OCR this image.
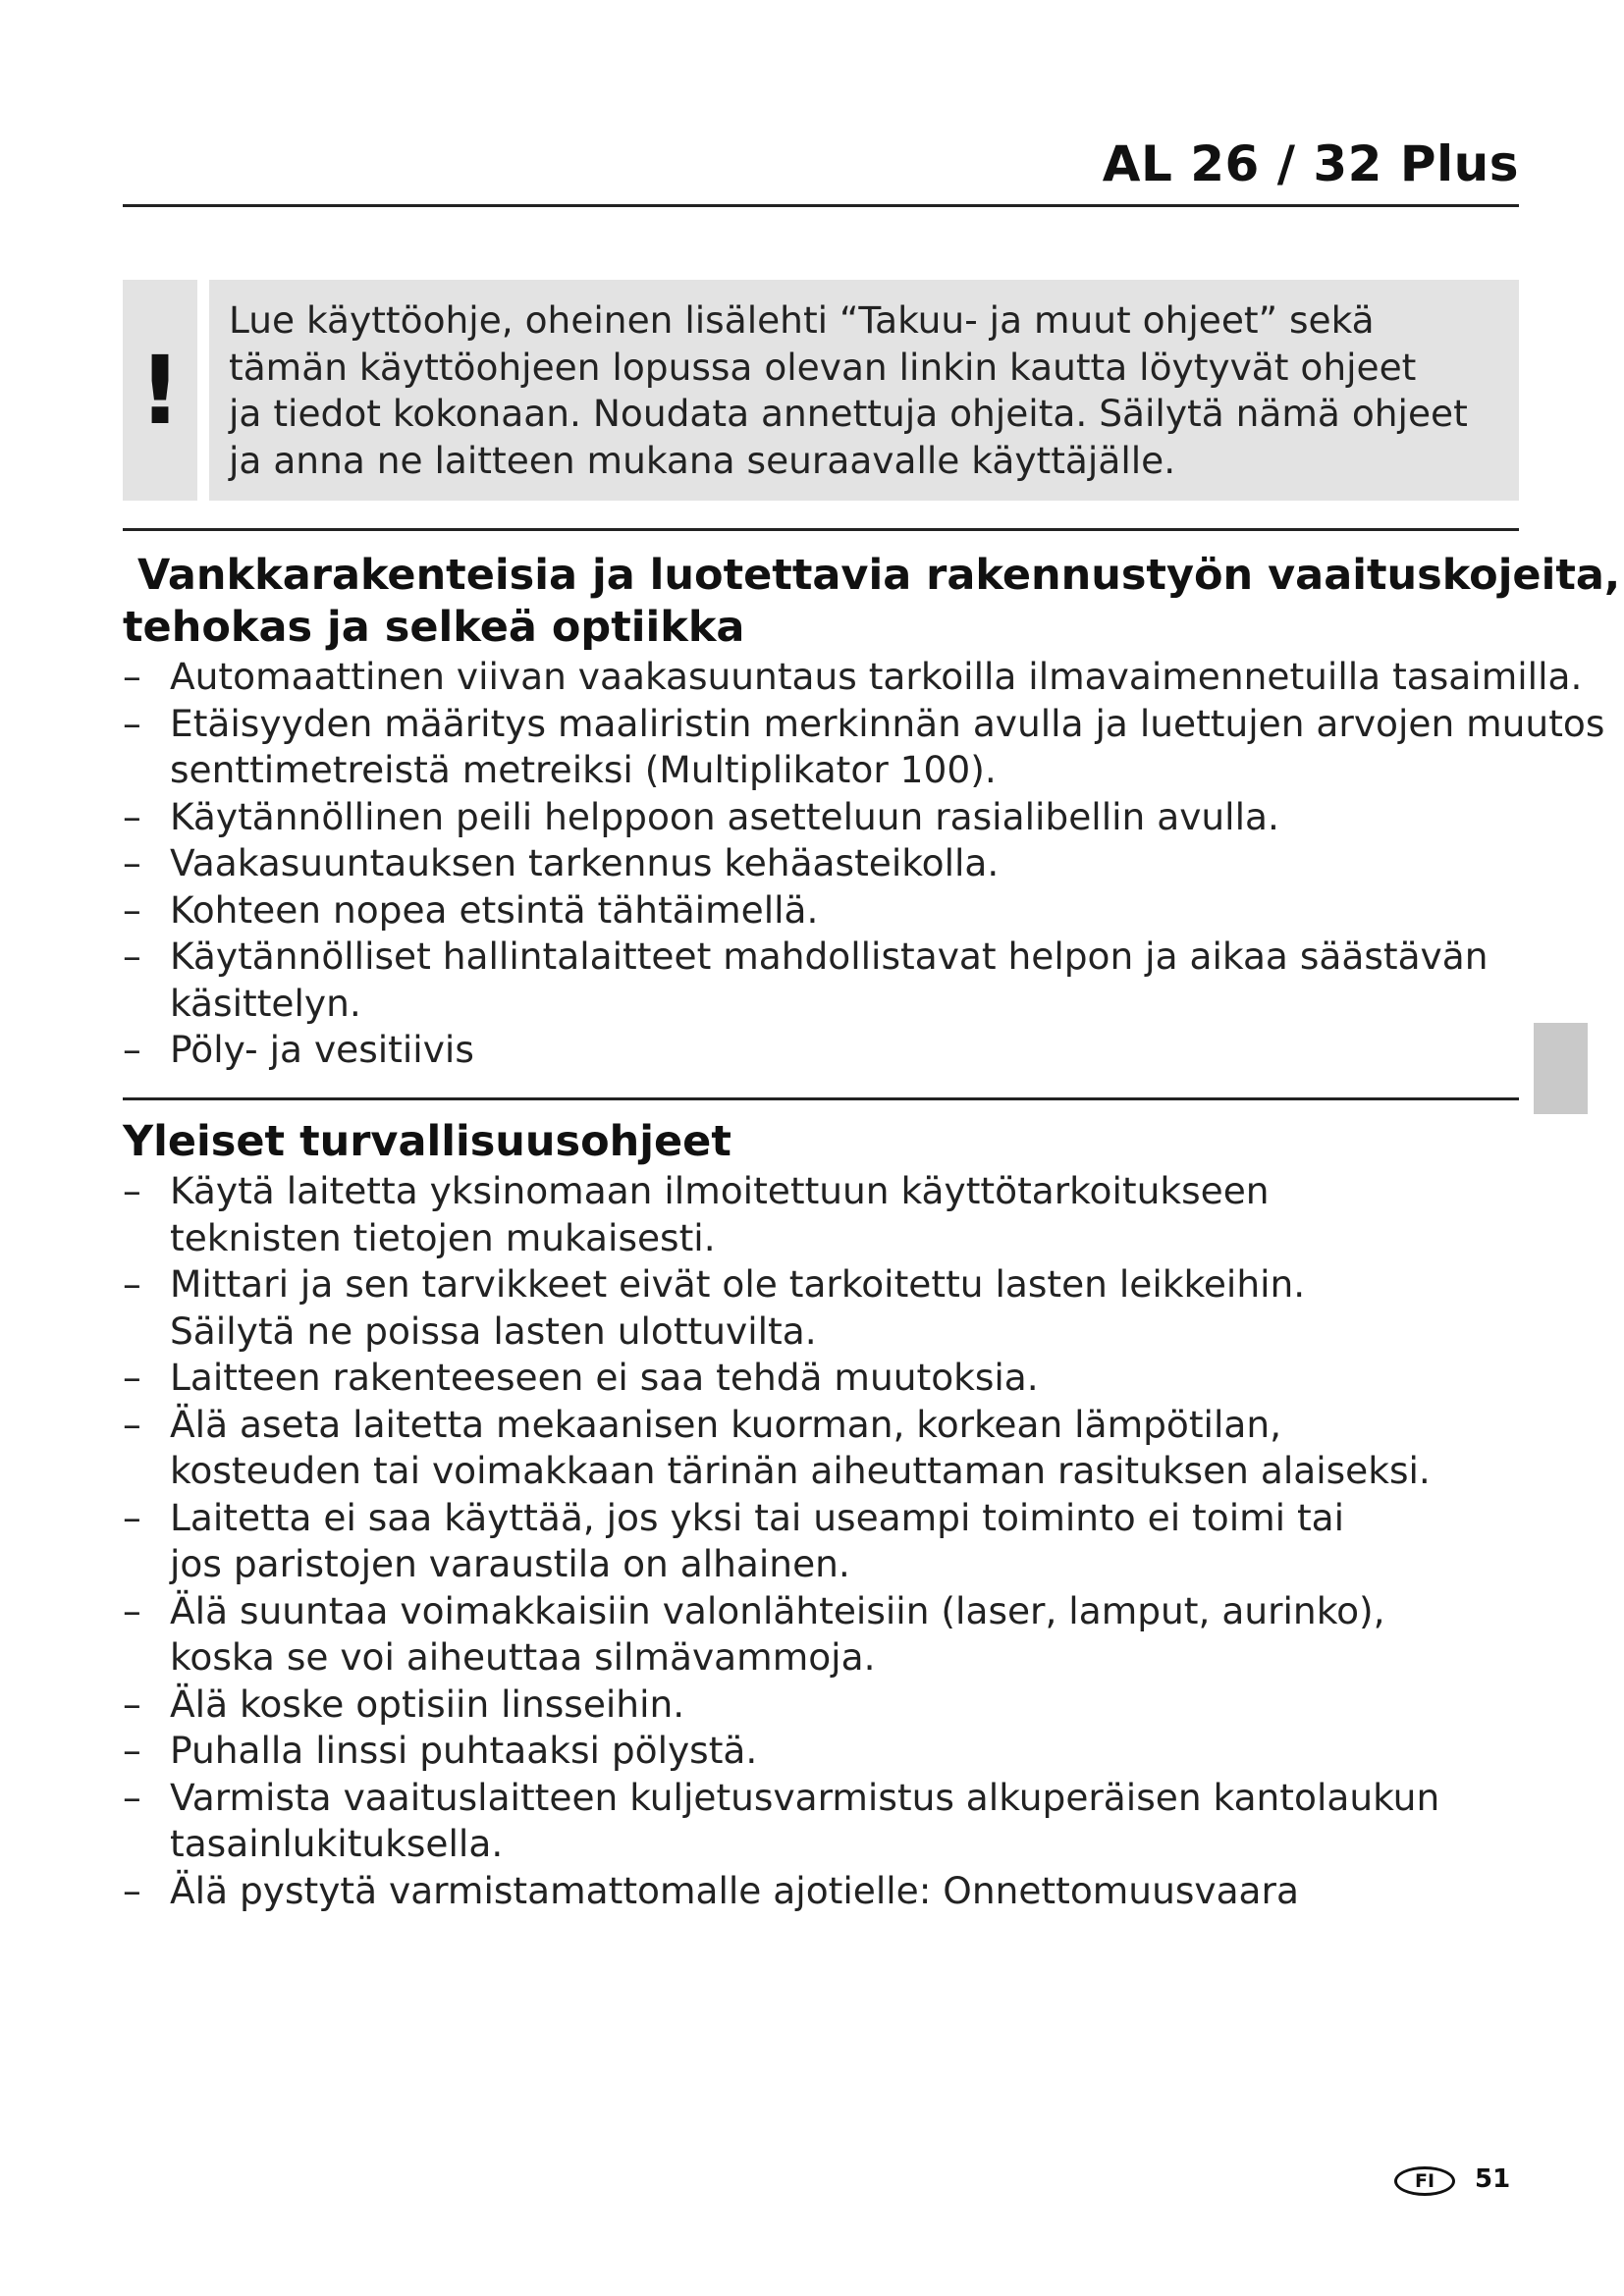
AL 26 / 32 Plus
!
Lue käyttöohje, oheinen lisälehti “Takuu- ja muut ohjeet” sekä
tämän käyttöohjeen lopussa olevan linkin kautta löytyvät ohjeet
ja tiedot kokonaan. Noudata annettuja ohjeita. Säilytä nämä ohjeet
ja anna ne laitteen mukana seuraavalle käyttäjälle.
Vankkarakenteisia ja luotettavia rakennustyön vaaituskojeita,
tehokas ja selkeä optiikka
– Automaattinen viivan vaakasuuntaus tarkoilla ilmavaimennetuilla tasaimilla.
– Etäisyyden määritys maaliristin merkinnän avulla ja luettujen arvojen muutos
senttimetreistä metreiksi (Multiplikator 100).
– Käytännöllinen peili helppoon asetteluun rasialibellin avulla.
– Vaakasuuntauksen tarkennus kehäasteikolla.
– Kohteen nopea etsintä tähtäimellä.
– Käytännölliset hallintalaitteet mahdollistavat helpon ja aikaa säästävän
käsittelyn.
– Pöly- ja vesitiivis
Yleiset turvallisuusohjeet
– Käytä laitetta yksinomaan ilmoitettuun käyttötarkoitukseen
teknisten tietojen mukaisesti.
– Mittari ja sen tarvikkeet eivät ole tarkoitettu lasten leikkeihin.
Säilytä ne poissa lasten ulottuvilta.
– Laitteen rakenteeseen ei saa tehdä muutoksia.
– Älä aseta laitetta mekaanisen kuorman, korkean lämpötilan,
kosteuden tai voimakkaan tärinän aiheuttaman rasituksen alaiseksi.
– Laitetta ei saa käyttää, jos yksi tai useampi toiminto ei toimi tai
jos paristojen varaustila on alhainen.
– Älä suuntaa voimakkaisiin valonlähteisiin (laser, lamput, aurinko),
koska se voi aiheuttaa silmävammoja.
– Älä koske optisiin linsseihin.
– Puhalla linssi puhtaaksi pölystä.
– Varmista vaaituslaitteen kuljetusvarmistus alkuperäisen kantolaukun
tasainlukituksella.
– Älä pystytä varmistamattomalle ajotielle: Onnettomuusvaara
FI	51
